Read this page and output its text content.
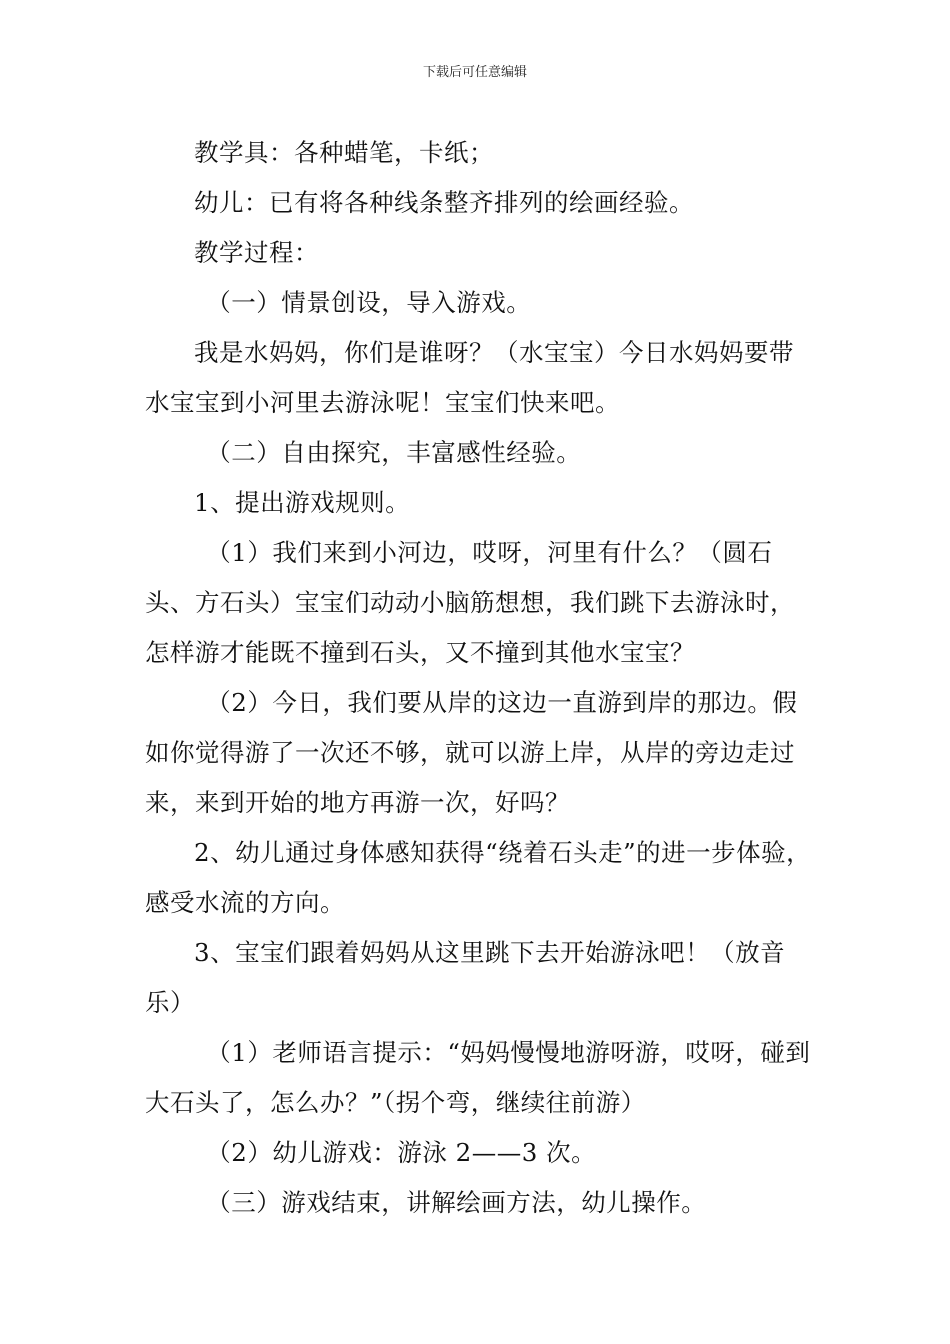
下载后可任意编辑

教学具：各种蜡笔，卡纸；

幼儿：已有将各种线条整齐排列的绘画经验。

教学过程：

（一）情景创设，导入游戏。

我是水妈妈，你们是谁呀？（水宝宝）今日水妈妈要带水宝宝到小河里去游泳呢！宝宝们快来吧。

（二）自由探究，丰富感性经验。

1、提出游戏规则。

（1）我们来到小河边，哎呀，河里有什么？（圆石头、方石头）宝宝们动动小脑筋想想，我们跳下去游泳时，怎样游才能既不撞到石头，又不撞到其他水宝宝？

（2）今日，我们要从岸的这边一直游到岸的那边。假如你觉得游了一次还不够，就可以游上岸，从岸的旁边走过来，来到开始的地方再游一次，好吗？

2、幼儿通过身体感知获得“绕着石头走”的进一步体验，感受水流的方向。

3、宝宝们跟着妈妈从这里跳下去开始游泳吧！（放音乐）

（1）老师语言提示：“妈妈慢慢地游呀游，哎呀，碰到大石头了，怎么办？”（拐个弯，继续往前游）

（2）幼儿游戏：游泳 2——3 次。

（三）游戏结束，讲解绘画方法，幼儿操作。
